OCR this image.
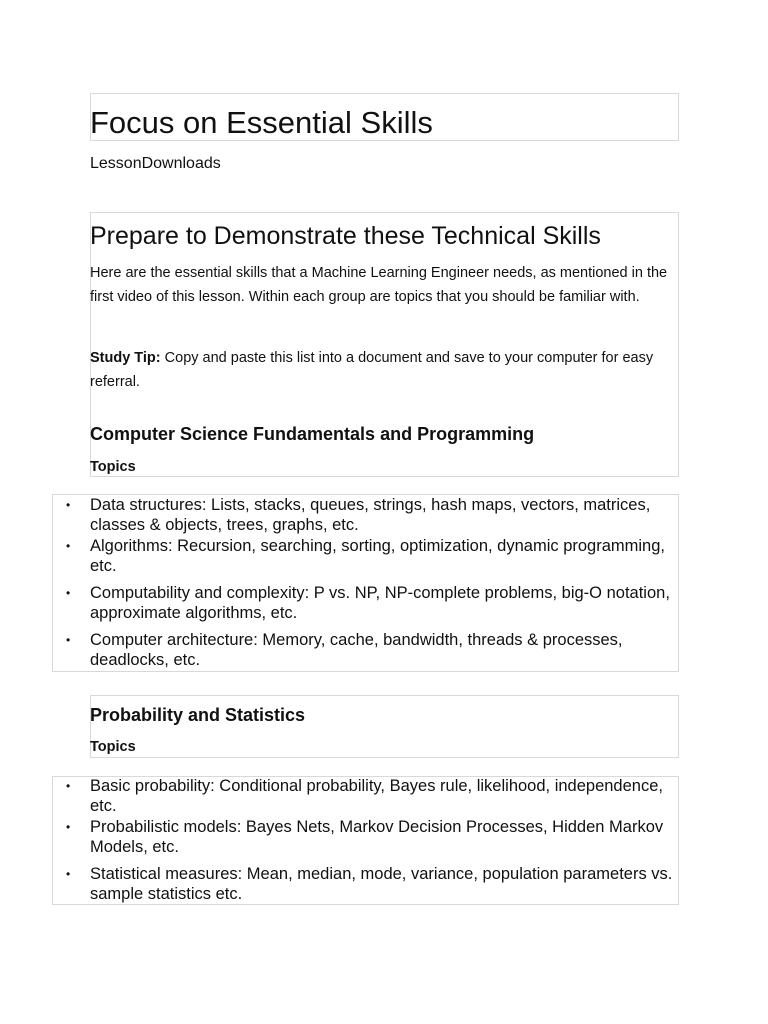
Focus on Essential Skills
LessonDownloads
Prepare to Demonstrate these Technical Skills

Here are the essential skills that a Machine Learning Engineer needs, as mentioned in the first video of this lesson. Within each group are topics that you should be familiar with.

Study Tip: Copy and paste this list into a document and save to your computer for easy referral.

Computer Science Fundamentals and Programming
Topics
• Data structures: Lists, stacks, queues, strings, hash maps, vectors, matrices, classes & objects, trees, graphs, etc.
• Algorithms: Recursion, searching, sorting, optimization, dynamic programming, etc.
• Computability and complexity: P vs. NP, NP-complete problems, big-O notation, approximate algorithms, etc.
• Computer architecture: Memory, cache, bandwidth, threads & processes, deadlocks, etc.
Probability and Statistics
Topics
• Basic probability: Conditional probability, Bayes rule, likelihood, independence, etc.
• Probabilistic models: Bayes Nets, Markov Decision Processes, Hidden Markov Models, etc.
• Statistical measures: Mean, median, mode, variance, population parameters vs. sample statistics etc.
